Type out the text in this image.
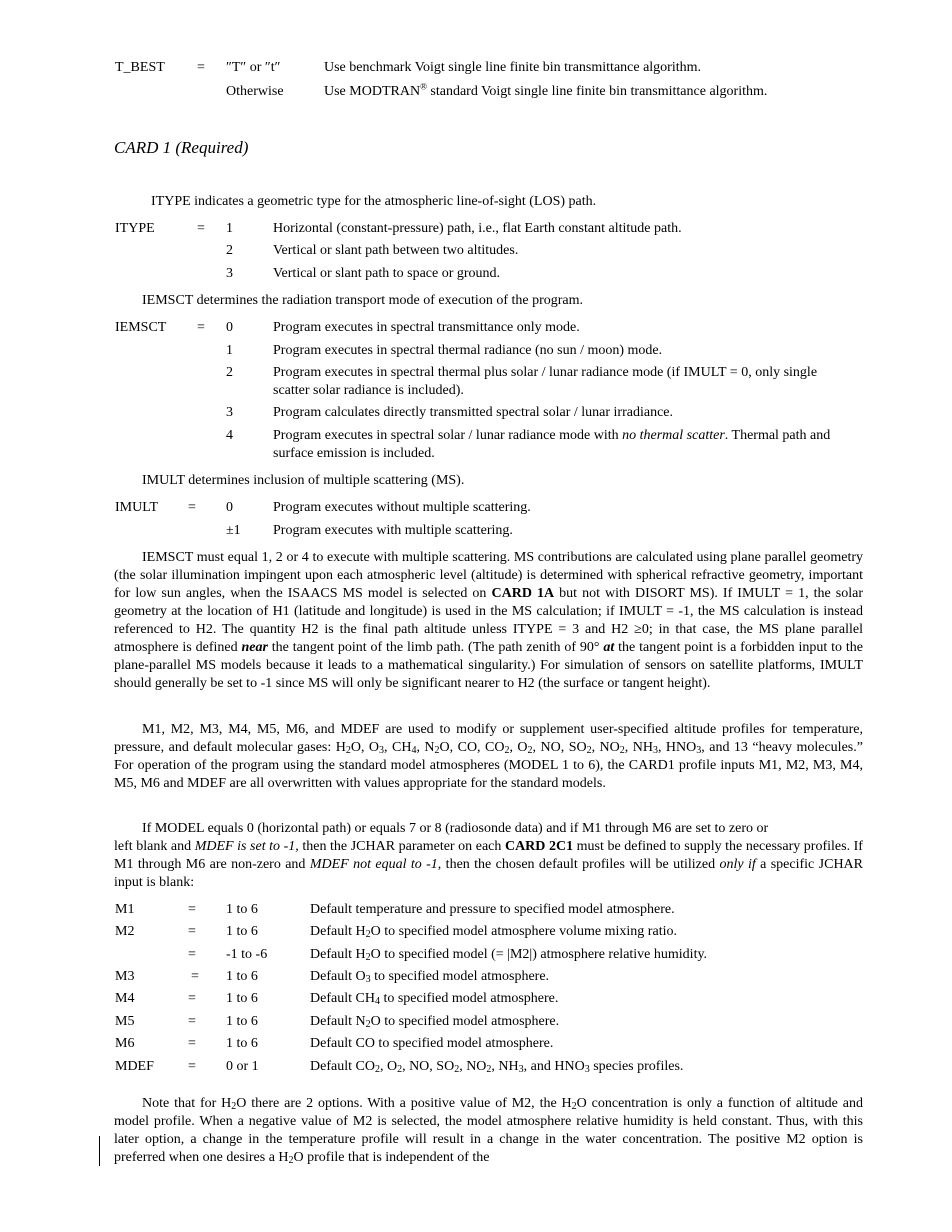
T_BEST = ″T″ or ″t″	Use benchmark Voigt single line finite bin transmittance algorithm.
Otherwise	Use MODTRAN® standard Voigt single line finite bin transmittance algorithm.
CARD 1 (Required)
ITYPE indicates a geometric type for the atmospheric line-of-sight (LOS) path.
ITYPE	= 1	Horizontal (constant-pressure) path, i.e., flat Earth constant altitude path.
2	Vertical or slant path between two altitudes.
3	Vertical or slant path to space or ground.
IEMSCT determines the radiation transport mode of execution of the program.
IEMSCT = 0	Program executes in spectral transmittance only mode.
1	Program executes in spectral thermal radiance (no sun / moon) mode.
2	Program executes in spectral thermal plus solar / lunar radiance mode (if IMULT = 0, only single scatter solar radiance is included).
3	Program calculates directly transmitted spectral solar / lunar irradiance.
4	Program executes in spectral solar / lunar radiance mode with no thermal scatter. Thermal path and surface emission is included.
IMULT determines inclusion of multiple scattering (MS).
IMULT = 0	Program executes without multiple scattering.
±1 Program executes with multiple scattering.
IEMSCT must equal 1, 2 or 4 to execute with multiple scattering. MS contributions are calculated using plane parallel geometry (the solar illumination impingent upon each atmospheric level (altitude) is determined with spherical refractive geometry, important for low sun angles, when the ISAACS MS model is selected on CARD 1A but not with DISORT MS). If IMULT = 1, the solar geometry at the location of H1 (latitude and longitude) is used in the MS calculation; if IMULT = -1, the MS calculation is instead referenced to H2. The quantity H2 is the final path altitude unless ITYPE = 3 and H2 ≥0; in that case, the MS plane parallel atmosphere is defined near the tangent point of the limb path. (The path zenith of 90° at the tangent point is a forbidden input to the plane-parallel MS models because it leads to a mathematical singularity.) For simulation of sensors on satellite platforms, IMULT should generally be set to -1 since MS will only be significant nearer to H2 (the surface or tangent height).
M1, M2, M3, M4, M5, M6, and MDEF are used to modify or supplement user-specified altitude profiles for temperature, pressure, and default molecular gases: $H_2O$, $O_3$, $CH_4$, $N_2O$, CO, $CO_2$, $O_2$, NO, $SO_2$, $NO_2$, $NH_3$, $HNO_3$, and 13 “heavy molecules.” For operation of the program using the standard model atmospheres (MODEL 1 to 6), the CARD1 profile inputs M1, M2, M3, M4, M5, M6 and MDEF are all overwritten with values appropriate for the standard models.
If MODEL equals 0 (horizontal path) or equals 7 or 8 (radiosonde data) and if M1 through M6 are set to zero or
left blank and MDEF is set to -1, then the JCHAR parameter on each CARD 2C1 must be defined to supply the necessary profiles. If M1 through M6 are non-zero and MDEF not equal to -1, then the chosen default profiles will be utilized only if a specific JCHAR input is blank:
M1	= 1 to 6	Default temperature and pressure to specified model atmosphere.
M2	= 1 to 6	Default $H_2O$ to specified model atmosphere volume mixing ratio.
= -1 to -6	Default $H_2O$ to specified model (= |M2|) atmosphere relative humidity.
M3	= 1 to 6	Default $O_3$ to specified model atmosphere.
M4	= 1 to 6	Default $CH_4$ to specified model atmosphere.
M5	= 1 to 6	Default $N_2O$ to specified model atmosphere.
M6	= 1 to 6	Default CO to specified model atmosphere.
MDEF = 0 or 1	Default $CO_2$, $O_2$, NO, $SO_2$, $NO_2$, $NH_3$, and $HNO_3$ species profiles.
Note that for $H_2O$ there are 2 options. With a positive value of M2, the $H_2O$ concentration is only a function of altitude and model profile. When a negative value of M2 is selected, the model atmosphere relative humidity is held constant. Thus, with this later option, a change in the temperature profile will result in a change in the water concentration. The positive M2 option is preferred when one desires a $H_2O$ profile that is independent of the
